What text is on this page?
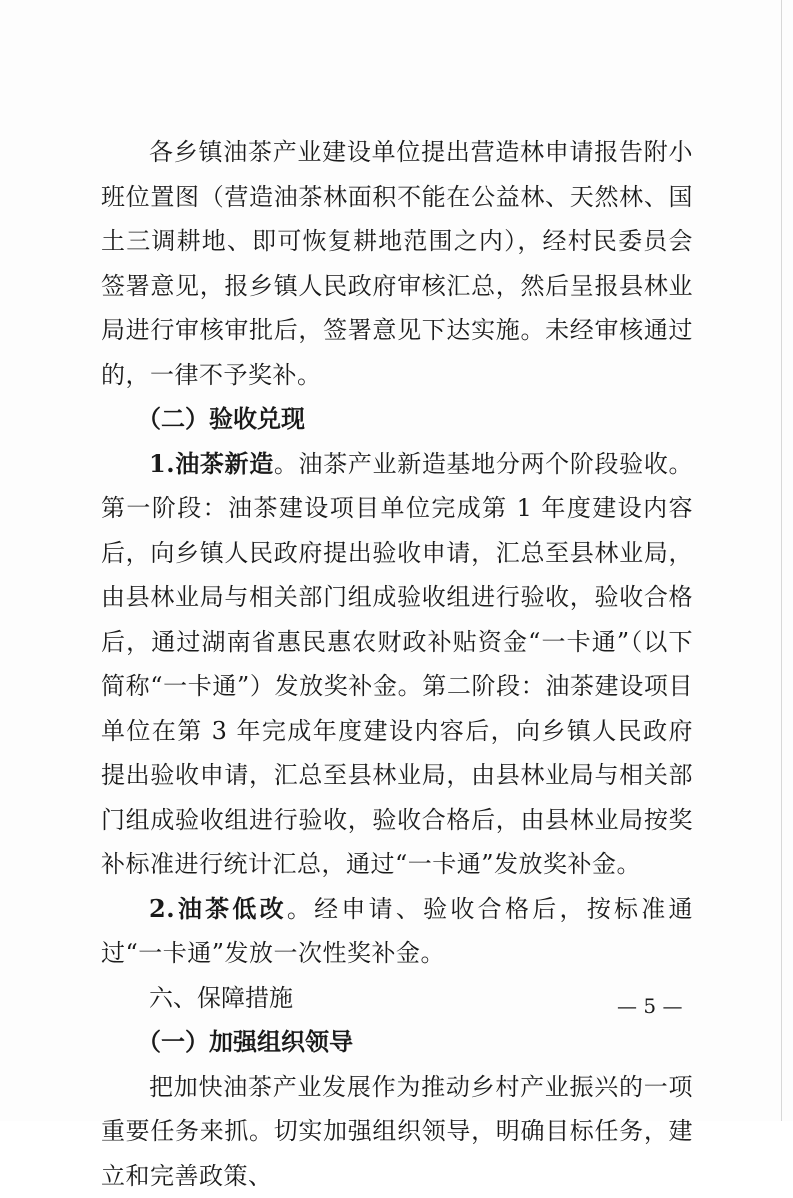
各乡镇油茶产业建设单位提出营造林申请报告附小班位置图（营造油茶林面积不能在公益林、天然林、国土三调耕地、即可恢复耕地范围之内），经村民委员会签署意见，报乡镇人民政府审核汇总，然后呈报县林业局进行审核审批后，签署意见下达实施。未经审核通过的，一律不予奖补。

（二）验收兑现

1.油茶新造。油茶产业新造基地分两个阶段验收。第一阶段：油茶建设项目单位完成第 1 年度建设内容后，向乡镇人民政府提出验收申请，汇总至县林业局，由县林业局与相关部门组成验收组进行验收，验收合格后，通过湖南省惠民惠农财政补贴资金“一卡通”（以下简称“一卡通”）发放奖补金。第二阶段：油茶建设项目单位在第 3 年完成年度建设内容后，向乡镇人民政府提出验收申请，汇总至县林业局，由县林业局与相关部门组成验收组进行验收，验收合格后，由县林业局按奖补标准进行统计汇总，通过“一卡通”发放奖补金。

2.油茶低改。经申请、验收合格后，按标准通过“一卡通”发放一次性奖补金。

六、保障措施

（一）加强组织领导

把加快油茶产业发展作为推动乡村产业振兴的一项重要任务来抓。切实加强组织领导，明确目标任务，建立和完善政策、

— 5 —
